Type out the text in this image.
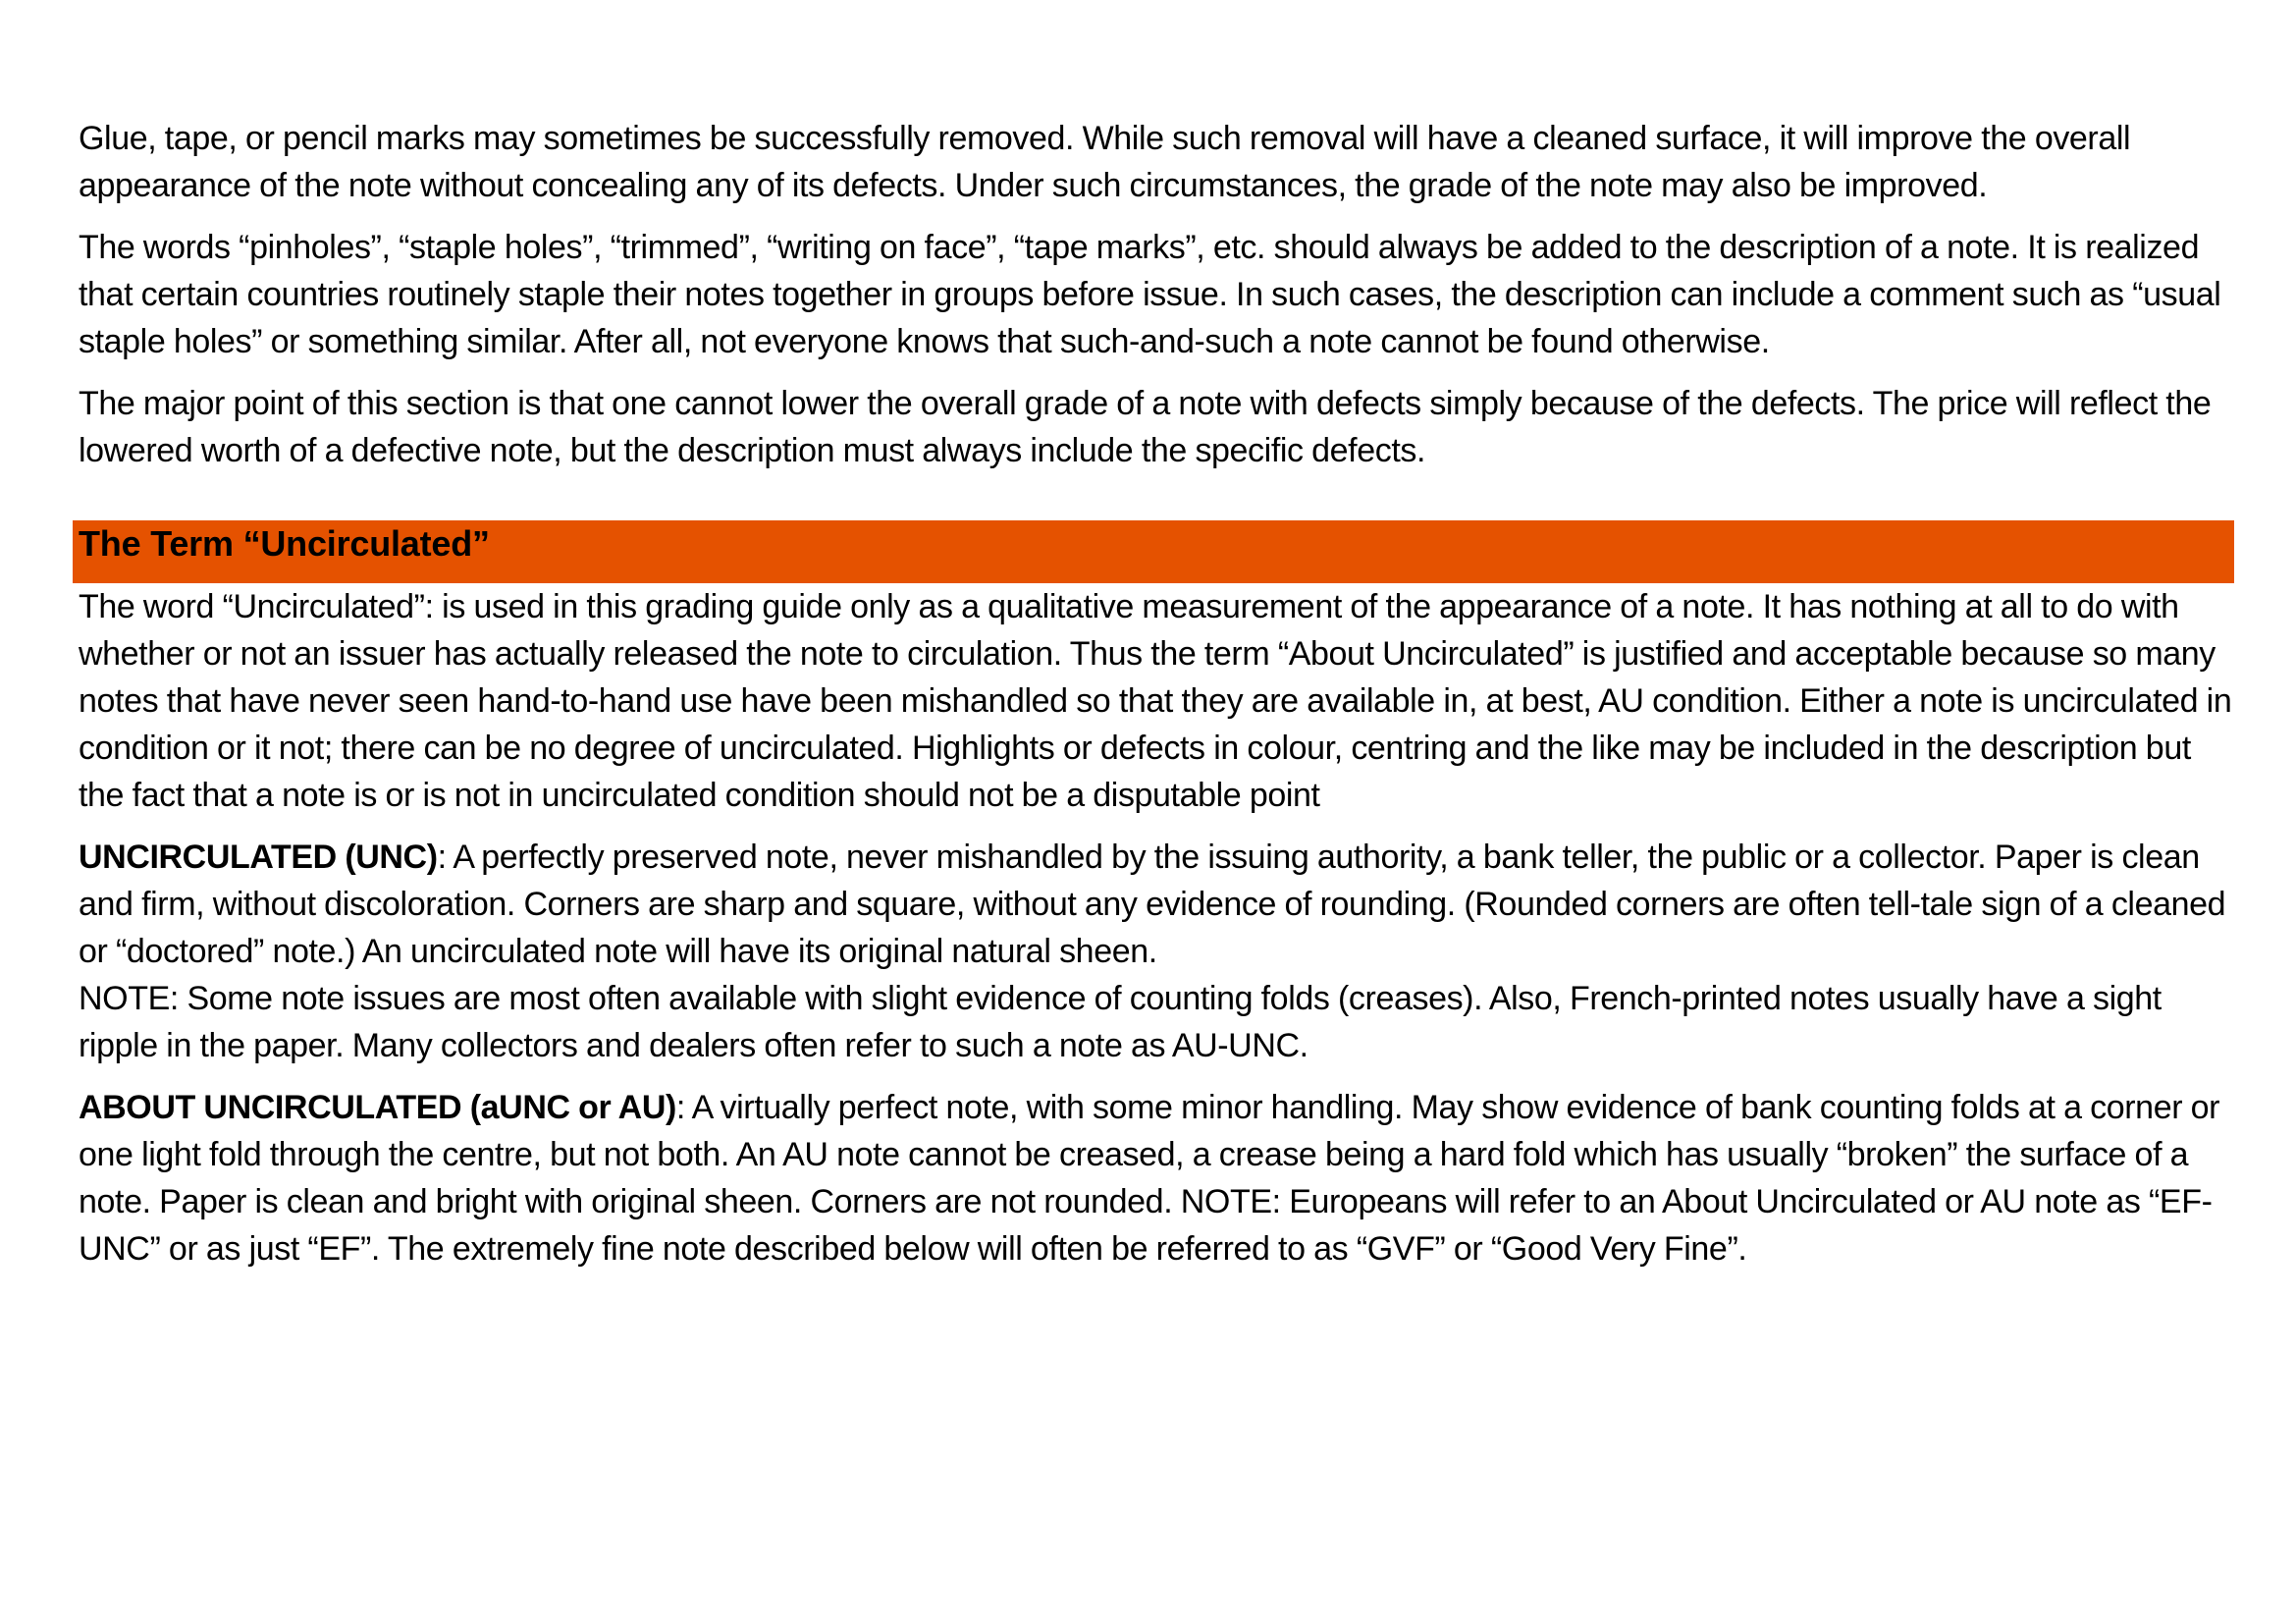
Glue, tape, or pencil marks may sometimes be successfully removed. While such removal will have a cleaned surface, it will improve the overall appearance of the note without concealing any of its defects. Under such circumstances, the grade of the note may also be improved.

The words “pinholes”, “staple holes”, “trimmed”, “writing on face”, “tape marks”, etc. should always be added to the description of a note. It is realized that certain countries routinely staple their notes together in groups before issue. In such cases, the description can include a comment such as “usual staple holes” or something similar. After all, not everyone knows that such-and-such a note cannot be found otherwise.

The major point of this section is that one cannot lower the overall grade of a note with defects simply because of the defects. The price will reflect the lowered worth of a defective note, but the description must always include the specific defects.

The Term “Uncirculated”

The word “Uncirculated”: is used in this grading guide only as a qualitative measurement of the appearance of a note. It has nothing at all to do with whether or not an issuer has actually released the note to circulation. Thus the term “About Uncirculated” is justified and acceptable because so many notes that have never seen hand-to-hand use have been mishandled so that they are available in, at best, AU condition. Either a note is uncirculated in condition or it not; there can be no degree of uncirculated. Highlights or defects in colour, centring and the like may be included in the description but the fact that a note is or is not in uncirculated condition should not be a disputable point

UNCIRCULATED (UNC): A perfectly preserved note, never mishandled by the issuing authority, a bank teller, the public or a collector. Paper is clean and firm, without discoloration. Corners are sharp and square, without any evidence of rounding. (Rounded corners are often tell-tale sign of a cleaned or “doctored” note.) An uncirculated note will have its original natural sheen.
NOTE: Some note issues are most often available with slight evidence of counting folds (creases). Also, French-printed notes usually have a sight ripple in the paper. Many collectors and dealers often refer to such a note as AU-UNC.

ABOUT UNCIRCULATED (aUNC or AU): A virtually perfect note, with some minor handling. May show evidence of bank counting folds at a corner or one light fold through the centre, but not both. An AU note cannot be creased, a crease being a hard fold which has usually “broken” the surface of a note. Paper is clean and bright with original sheen. Corners are not rounded. NOTE: Europeans will refer to an About Uncirculated or AU note as “EF-UNC” or as just “EF”. The extremely fine note described below will often be referred to as “GVF” or “Good Very Fine”.
